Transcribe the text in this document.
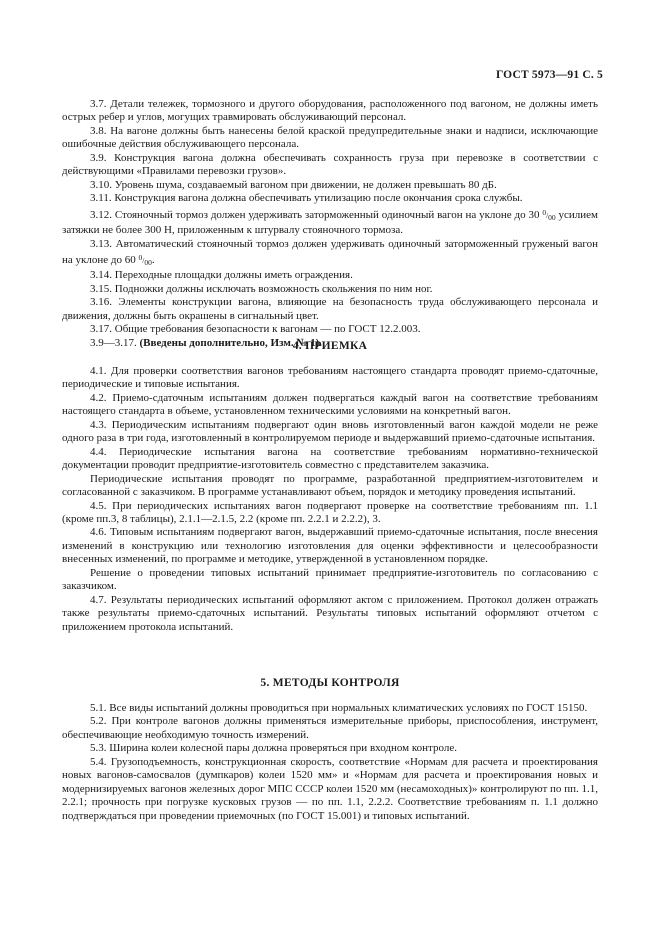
ГОСТ 5973—91 С. 5

3.7. Детали тележек, тормозного и другого оборудования, расположенного под вагоном, не должны иметь острых ребер и углов, могущих травмировать обслуживающий персонал.

3.8. На вагоне должны быть нанесены белой краской предупредительные знаки и надписи, исключающие ошибочные действия обслуживающего персонала.

3.9. Конструкция вагона должна обеспечивать сохранность груза при перевозке в соответствии с действующими «Правилами перевозки грузов».

3.10. Уровень шума, создаваемый вагоном при движении, не должен превышать 80 дБ.

3.11. Конструкция вагона должна обеспечивать утилизацию после окончания срока службы.

3.12. Стояночный тормоз должен удерживать заторможенный одиночный вагон на уклоне до 30 0/00 усилием затяжки не более 300 Н, приложенным к штурвалу стояночного тормоза.

3.13. Автоматический стояночный тормоз должен удерживать одиночный заторможенный груженый вагон на уклоне до 60 0/00.

3.14. Переходные площадки должны иметь ограждения.

3.15. Подножки должны исключать возможность скольжения по ним ног.

3.16. Элементы конструкции вагона, влияющие на безопасность труда обслуживающего персонала и движения, должны быть окрашены в сигнальный цвет.

3.17. Общие требования безопасности к вагонам — по ГОСТ 12.2.003.

3.9—3.17. (Введены дополнительно, Изм. № 1).

4. ПРИЕМКА

4.1. Для проверки соответствия вагонов требованиям настоящего стандарта проводят приемо-сдаточные, периодические и типовые испытания.

4.2. Приемо-сдаточным испытаниям должен подвергаться каждый вагон на соответствие требованиям настоящего стандарта в объеме, установленном техническими условиями на конкретный вагон.

4.3. Периодическим испытаниям подвергают один вновь изготовленный вагон каждой модели не реже одного раза в три года, изготовленный в контролируемом периоде и выдержавший приемо-сдаточные испытания.

4.4. Периодические испытания вагона на соответствие требованиям нормативно-технической документации проводит предприятие-изготовитель совместно с представителем заказчика.

Периодические испытания проводят по программе, разработанной предприятием-изготовителем и согласованной с заказчиком. В программе устанавливают объем, порядок и методику проведения испытаний.

4.5. При периодических испытаниях вагон подвергают проверке на соответствие требованиям пп. 1.1 (кроме пп.3, 8 таблицы), 2.1.1—2.1.5, 2.2 (кроме пп. 2.2.1 и 2.2.2), 3.

4.6. Типовым испытаниям подвергают вагон, выдержавший приемо-сдаточные испытания, после внесения изменений в конструкцию или технологию изготовления для оценки эффективности и целесообразности внесенных изменений, по программе и методике, утвержденной в установленном порядке.

Решение о проведении типовых испытаний принимает предприятие-изготовитель по согласованию с заказчиком.

4.7. Результаты периодических испытаний оформляют актом с приложением. Протокол должен отражать также результаты приемо-сдаточных испытаний. Результаты типовых испытаний оформляют отчетом с приложением протокола испытаний.

5. МЕТОДЫ КОНТРОЛЯ

5.1. Все виды испытаний должны проводиться при нормальных климатических условиях по ГОСТ 15150.

5.2. При контроле вагонов должны применяться измерительные приборы, приспособления, инструмент, обеспечивающие необходимую точность измерений.

5.3. Ширина колеи колесной пары должна проверяться при входном контроле.

5.4. Грузоподъемность, конструкционная скорость, соответствие «Нормам для расчета и проектирования новых вагонов-самосвалов (думпкаров) колеи 1520 мм» и «Нормам для расчета и проектирования новых и модернизируемых вагонов железных дорог МПС СССР колеи 1520 мм (несамоходных)» контролируют по пп. 1.1, 2.2.1; прочность при погрузке кусковых грузов — по пп. 1.1, 2.2.2. Соответствие требованиям п. 1.1 должно подтверждаться при проведении приемочных (по ГОСТ 15.001) и типовых испытаний.
